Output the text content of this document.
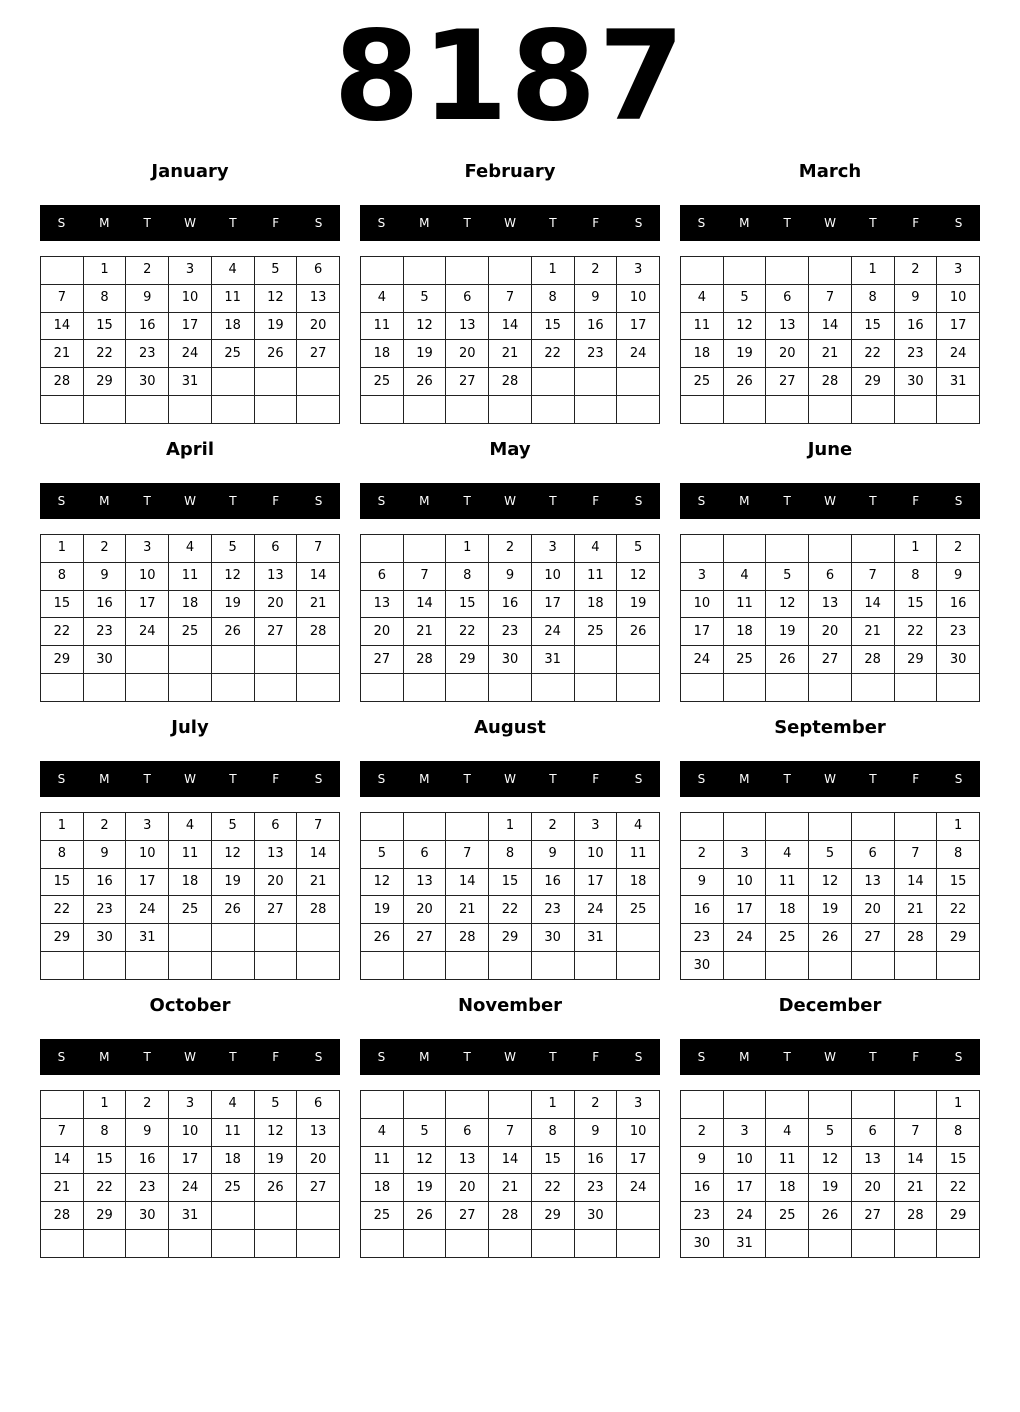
8187
January
S	M	T	W	T	F	S
	1	2	3	4	5	6
7	8	9	10	11	12	13
14	15	16	17	18	19	20
21	22	23	24	25	26	27
28	29	30	31			

February
S	M	T	W	T	F	S
				1	2	3
4	5	6	7	8	9	10
11	12	13	14	15	16	17
18	19	20	21	22	23	24
25	26	27	28			

March
S	M	T	W	T	F	S
				1	2	3
4	5	6	7	8	9	10
11	12	13	14	15	16	17
18	19	20	21	22	23	24
25	26	27	28	29	30	31

April
S	M	T	W	T	F	S
1	2	3	4	5	6	7
8	9	10	11	12	13	14
15	16	17	18	19	20	21
22	23	24	25	26	27	28
29	30					

May
S	M	T	W	T	F	S
		1	2	3	4	5
6	7	8	9	10	11	12
13	14	15	16	17	18	19
20	21	22	23	24	25	26
27	28	29	30	31		

June
S	M	T	W	T	F	S
					1	2
3	4	5	6	7	8	9
10	11	12	13	14	15	16
17	18	19	20	21	22	23
24	25	26	27	28	29	30

July
S	M	T	W	T	F	S
1	2	3	4	5	6	7
8	9	10	11	12	13	14
15	16	17	18	19	20	21
22	23	24	25	26	27	28
29	30	31				

August
S	M	T	W	T	F	S
			1	2	3	4
5	6	7	8	9	10	11
12	13	14	15	16	17	18
19	20	21	22	23	24	25
26	27	28	29	30	31	

September
S	M	T	W	T	F	S
						1
2	3	4	5	6	7	8
9	10	11	12	13	14	15
16	17	18	19	20	21	22
23	24	25	26	27	28	29
30						
October
S	M	T	W	T	F	S
	1	2	3	4	5	6
7	8	9	10	11	12	13
14	15	16	17	18	19	20
21	22	23	24	25	26	27
28	29	30	31			

November
S	M	T	W	T	F	S
				1	2	3
4	5	6	7	8	9	10
11	12	13	14	15	16	17
18	19	20	21	22	23	24
25	26	27	28	29	30	

December
S	M	T	W	T	F	S
						1
2	3	4	5	6	7	8
9	10	11	12	13	14	15
16	17	18	19	20	21	22
23	24	25	26	27	28	29
30	31					
